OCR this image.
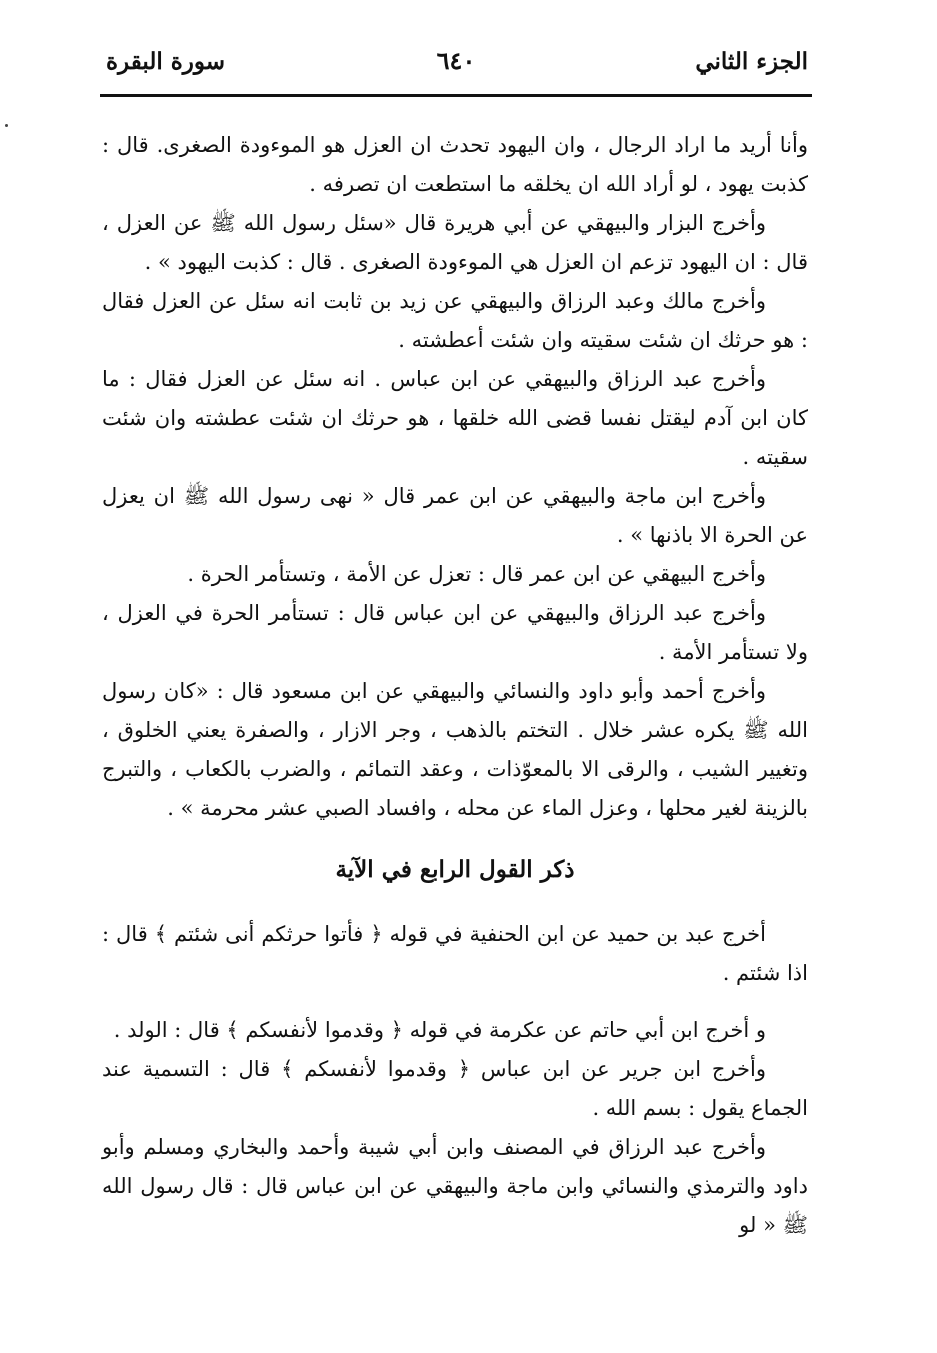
الجزء الثاني
٦٤٠
سورة البقرة

وأنا أريد ما اراد الرجال ، وان اليهود تحدث ان العزل هو الموءودة الصغرى. قال : كذبت يهود ، لو أراد الله ان يخلقه ما استطعت ان تصرفه .

وأخرج البزار والبيهقي عن أبي هريرة قال «سئل رسول الله ﷺ عن العزل ، قال : ان اليهود تزعم ان العزل هي الموءودة الصغرى . قال : كذبت اليهود » .

وأخرج مالك وعبد الرزاق والبيهقي عن زيد بن ثابت انه سئل عن العزل فقال : هو حرثك ان شئت سقيته وان شئت أعطشته .

وأخرج عبد الرزاق والبيهقي عن ابن عباس . انه سئل عن العزل فقال : ما كان ابن آدم ليقتل نفسا قضى الله خلقها ، هو حرثك ان شئت عطشته وان شئت سقيته .

وأخرج ابن ماجة والبيهقي عن ابن عمر قال « نهى رسول الله ﷺ ان يعزل عن الحرة الا باذنها » .

وأخرج البيهقي عن ابن عمر قال : تعزل عن الأمة ، وتستأمر الحرة .

وأخرج عبد الرزاق والبيهقي عن ابن عباس قال : تستأمر الحرة في العزل ، ولا تستأمر الأمة .

وأخرج أحمد وأبو داود والنسائي والبيهقي عن ابن مسعود قال : «كان رسول الله ﷺ يكره عشر خلال . التختم بالذهب ، وجر الازار ، والصفرة يعني الخلوق ، وتغيير الشيب ، والرقى الا بالمعوّذات ، وعقد التمائم ، والضرب بالكعاب ، والتبرج بالزينة لغير محلها ، وعزل الماء عن محله ، وافساد الصبي عشر محرمة » .

ذكر القول الرابع في الآية

أخرج عبد بن حميد عن ابن الحنفية في قوله ﴿ فأتوا حرثكم أنى شئتم ﴾ قال : اذا شئتم .

و أخرج ابن أبي حاتم عن عكرمة في قوله ﴿ وقدموا لأنفسكم ﴾ قال : الولد .

وأخرج ابن جرير عن ابن عباس ﴿ وقدموا لأنفسكم ﴾ قال : التسمية عند الجماع يقول : بسم الله .

وأخرج عبد الرزاق في المصنف وابن أبي شيبة وأحمد والبخاري ومسلم وأبو داود والترمذي والنسائي وابن ماجة والبيهقي عن ابن عباس قال : قال رسول الله ﷺ « لو
